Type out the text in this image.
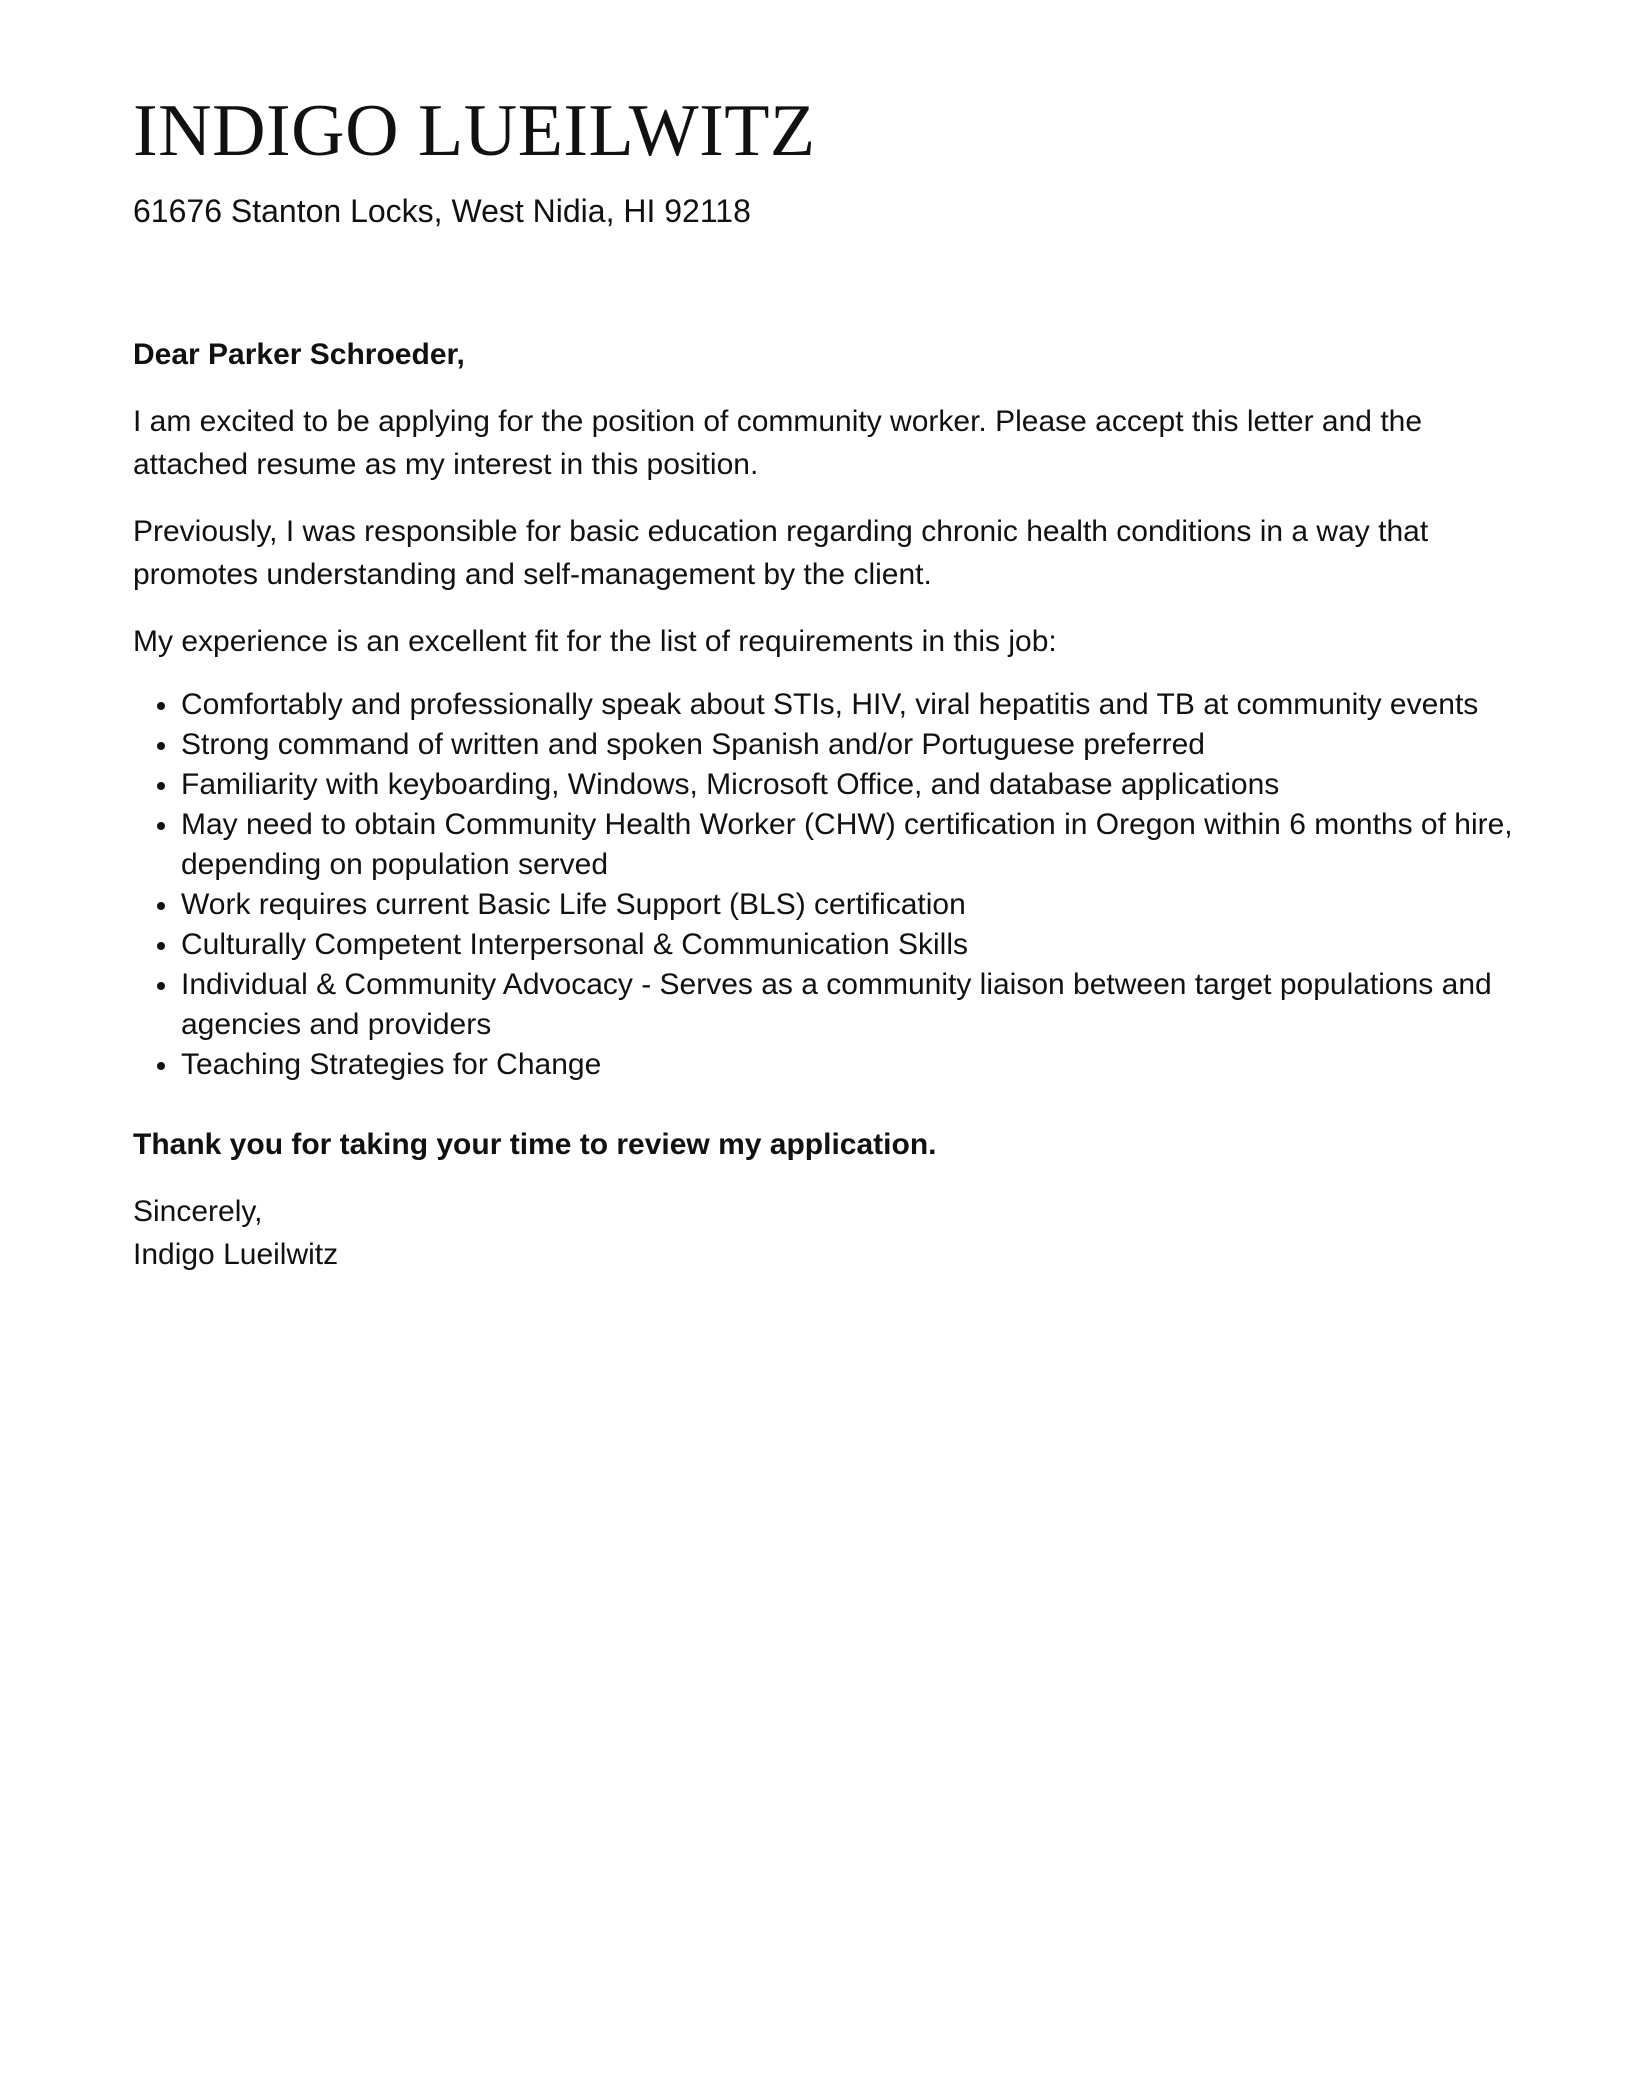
INDIGO LUEILWITZ
61676 Stanton Locks, West Nidia, HI 92118

Dear Parker Schroeder,

I am excited to be applying for the position of community worker. Please accept this letter and the attached resume as my interest in this position.

Previously, I was responsible for basic education regarding chronic health conditions in a way that promotes understanding and self-management by the client.

My experience is an excellent fit for the list of requirements in this job:

Comfortably and professionally speak about STIs, HIV, viral hepatitis and TB at community events
Strong command of written and spoken Spanish and/or Portuguese preferred
Familiarity with keyboarding, Windows, Microsoft Office, and database applications
May need to obtain Community Health Worker (CHW) certification in Oregon within 6 months of hire, depending on population served
Work requires current Basic Life Support (BLS) certification
Culturally Competent Interpersonal & Communication Skills
Individual & Community Advocacy - Serves as a community liaison between target populations and agencies and providers
Teaching Strategies for Change

Thank you for taking your time to review my application.

Sincerely,

Indigo Lueilwitz
